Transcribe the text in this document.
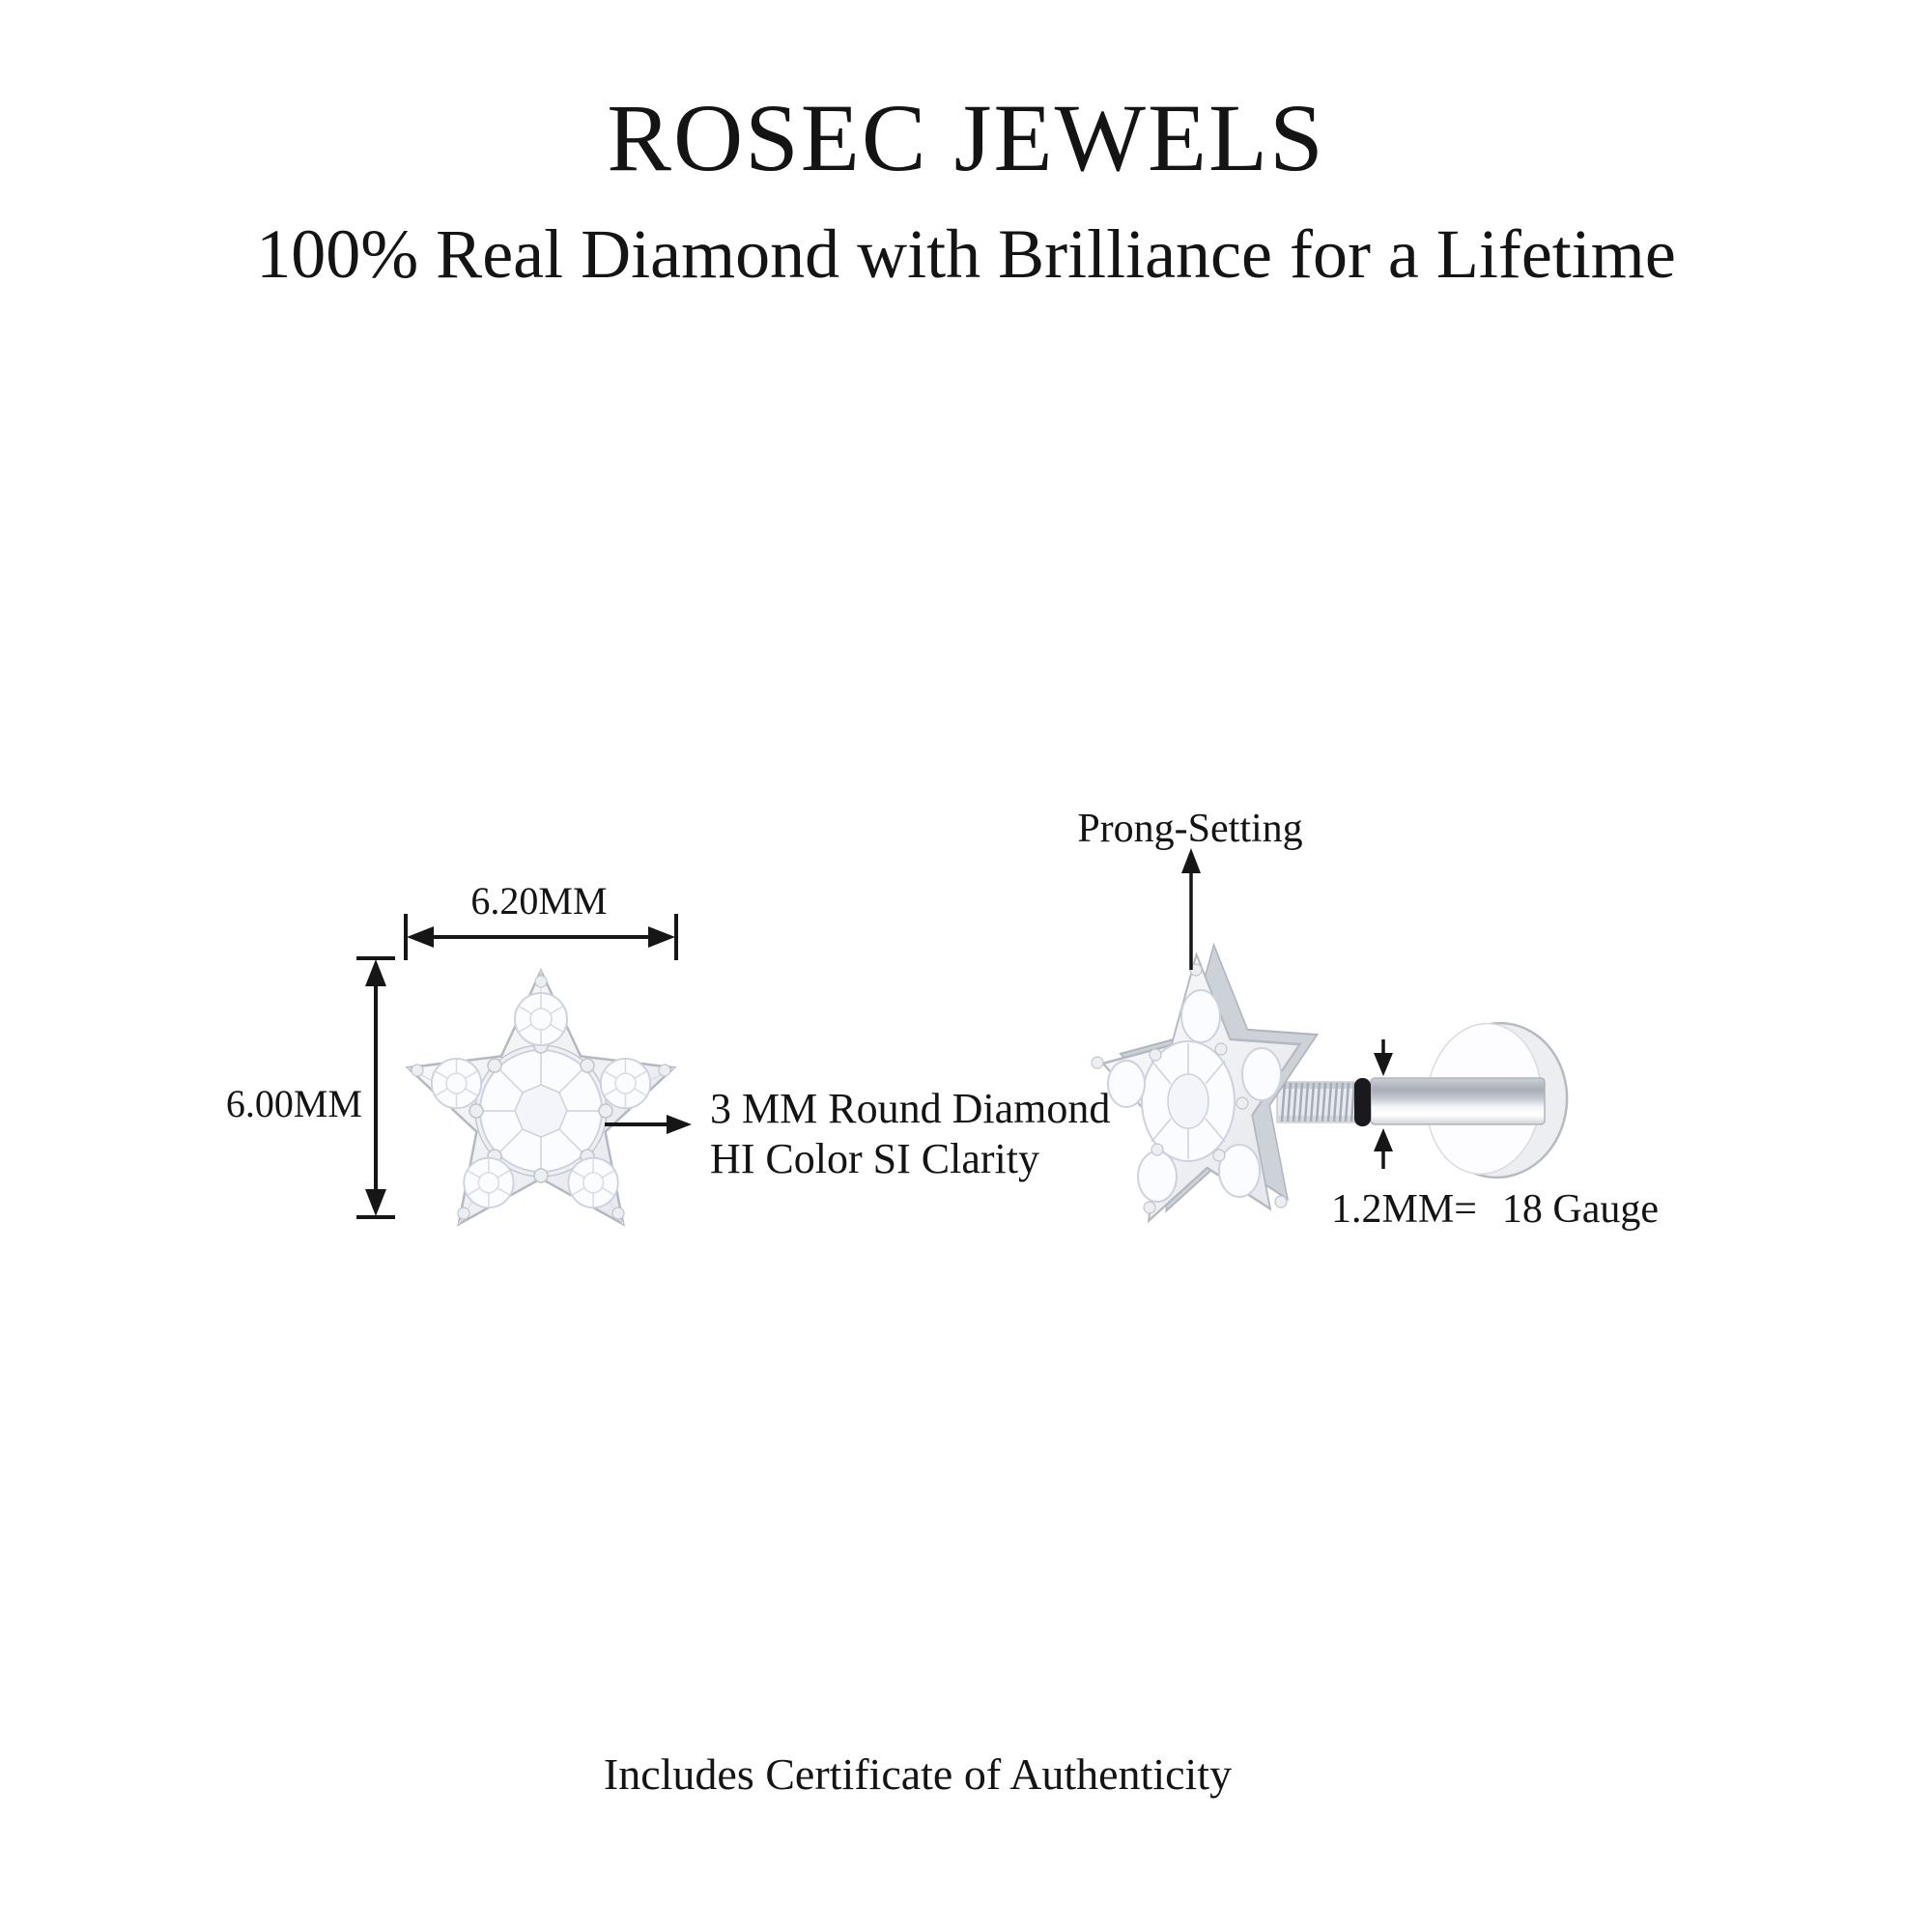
ROSEC JEWELS
100% Real Diamond with Brilliance for a Lifetime
6.20MM
6.00MM	3 MM Round Diamond
HI Color SI Clarity
Prong-Setting
1.2MM= 18 Gauge
Includes Certificate of Authenticity
